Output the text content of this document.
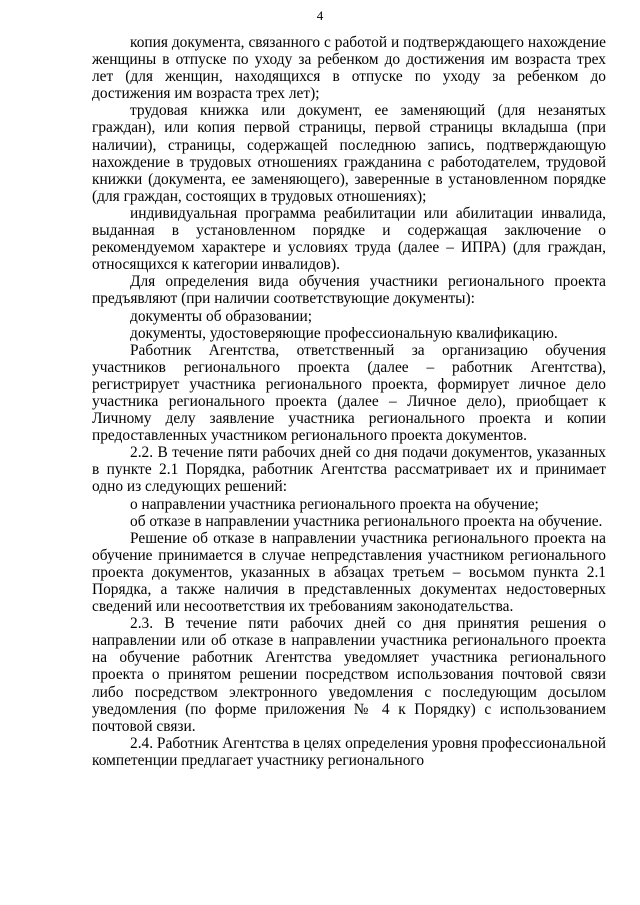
4

копия документа, связанного с работой и подтверждающего нахождение женщины в отпуске по уходу за ребенком до достижения им возраста трех лет (для женщин, находящихся в отпуске по уходу за ребенком до достижения им возраста трех лет);

трудовая книжка или документ, ее заменяющий (для незанятых граждан), или копия первой страницы, первой страницы вкладыша (при наличии), страницы, содержащей последнюю запись, подтверждающую нахождение в трудовых отношениях гражданина с работодателем, трудовой книжки (документа, ее заменяющего), заверенные в установленном порядке (для граждан, состоящих в трудовых отношениях);

индивидуальная программа реабилитации или абилитации инвалида, выданная в установленном порядке и содержащая заключение о рекомендуемом характере и условиях труда (далее – ИПРА) (для граждан, относящихся к категории инвалидов).

Для определения вида обучения участники регионального проекта предъявляют (при наличии соответствующие документы):

документы об образовании;

документы, удостоверяющие профессиональную квалификацию.

Работник Агентства, ответственный за организацию обучения участников регионального проекта (далее – работник Агентства), регистрирует участника регионального проекта, формирует личное дело участника регионального проекта (далее – Личное дело), приобщает к Личному делу заявление участника регионального проекта и копии предоставленных участником регионального проекта документов.

2.2. В течение пяти рабочих дней со дня подачи документов, указанных в пункте 2.1 Порядка, работник Агентства рассматривает их и принимает одно из следующих решений:

о направлении участника регионального проекта на обучение;

об отказе в направлении участника регионального проекта на обучение.

Решение об отказе в направлении участника регионального проекта на обучение принимается в случае непредставления участником регионального проекта документов, указанных в абзацах третьем – восьмом пункта 2.1 Порядка, а также наличия в представленных документах недостоверных сведений или несоответствия их требованиям законодательства.

2.3. В течение пяти рабочих дней со дня принятия решения о направлении или об отказе в направлении участника регионального проекта на обучение работник Агентства уведомляет участника регионального проекта о принятом решении посредством использования почтовой связи либо посредством электронного уведомления с последующим досылом уведомления (по форме приложения № 4 к Порядку) с использованием почтовой связи.

2.4. Работник Агентства в целях определения уровня профессиональной компетенции предлагает участнику регионального
